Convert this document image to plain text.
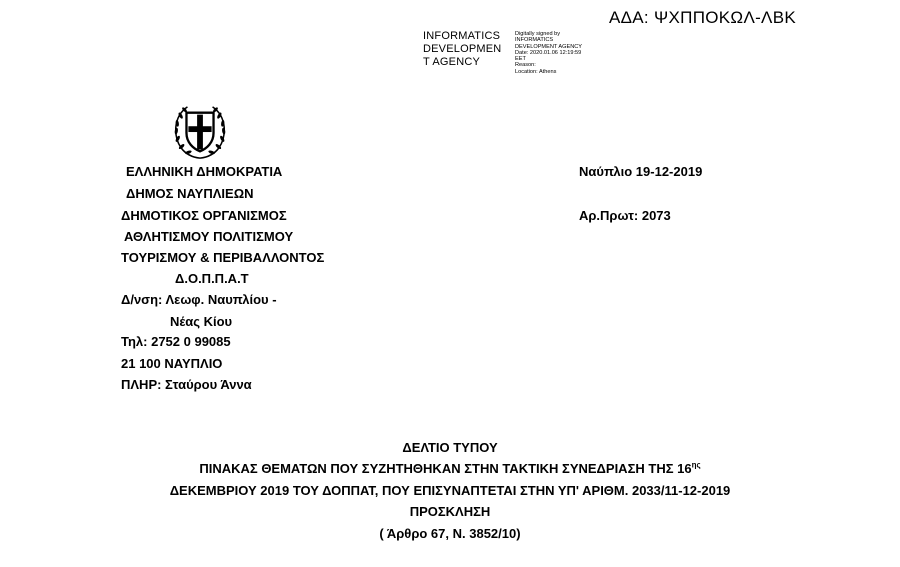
ΑΔΑ: ΨΧΠΠΟΚΩΛ-ΛΒΚ
INFORMATICS
DEVELOPMEN
T AGENCY
Digitally signed by
INFORMATICS
DEVELOPMENT AGENCY
Date: 2020.01.06 12:19:59
EET
Reason:
Location: Athens
ΕΛΛΗΝΙΚΗ ΔΗΜΟΚΡΑΤΙΑ
ΔΗΜΟΣ ΝΑΥΠΛΙΕΩΝ
ΔΗΜΟΤΙΚΟΣ ΟΡΓΑΝΙΣΜΟΣ
ΑΘΛΗΤΙΣΜΟΥ ΠΟΛΙΤΙΣΜΟΥ
ΤΟΥΡΙΣΜΟΥ & ΠΕΡΙΒΑΛΛΟΝΤΟΣ
Δ.Ο.Π.Π.Α.Τ
Δ/νση: Λεωφ. Ναυπλίου -
Νέας Κίου
Τηλ: 2752 0 99085
21 100 ΝΑΥΠΛΙΟ
ΠΛΗΡ: Σταύρου Άννα
Ναύπλιο 19-12-2019
Αρ.Πρωτ: 2073
ΔΕΛΤΙΟ ΤΥΠΟΥ
ΠΙΝΑΚΑΣ ΘΕΜΑΤΩΝ ΠΟΥ ΣΥΖΗΤΗΘΗΚΑΝ ΣΤΗΝ ΤΑΚΤΙΚΗ ΣΥΝΕΔΡΙΑΣΗ ΤΗΣ $16^{\eta\varsigma}$
ΔΕΚΕΜΒΡΙΟΥ 2019 ΤΟΥ ΔΟΠΠΑΤ, ΠΟΥ ΕΠΙΣΥΝΑΠΤΕΤΑΙ ΣΤΗΝ ΥΠ' ΑΡΙΘΜ. 2033/11-12-2019
ΠΡΟΣΚΛΗΣΗ
( Άρθρο 67, Ν. 3852/10)
